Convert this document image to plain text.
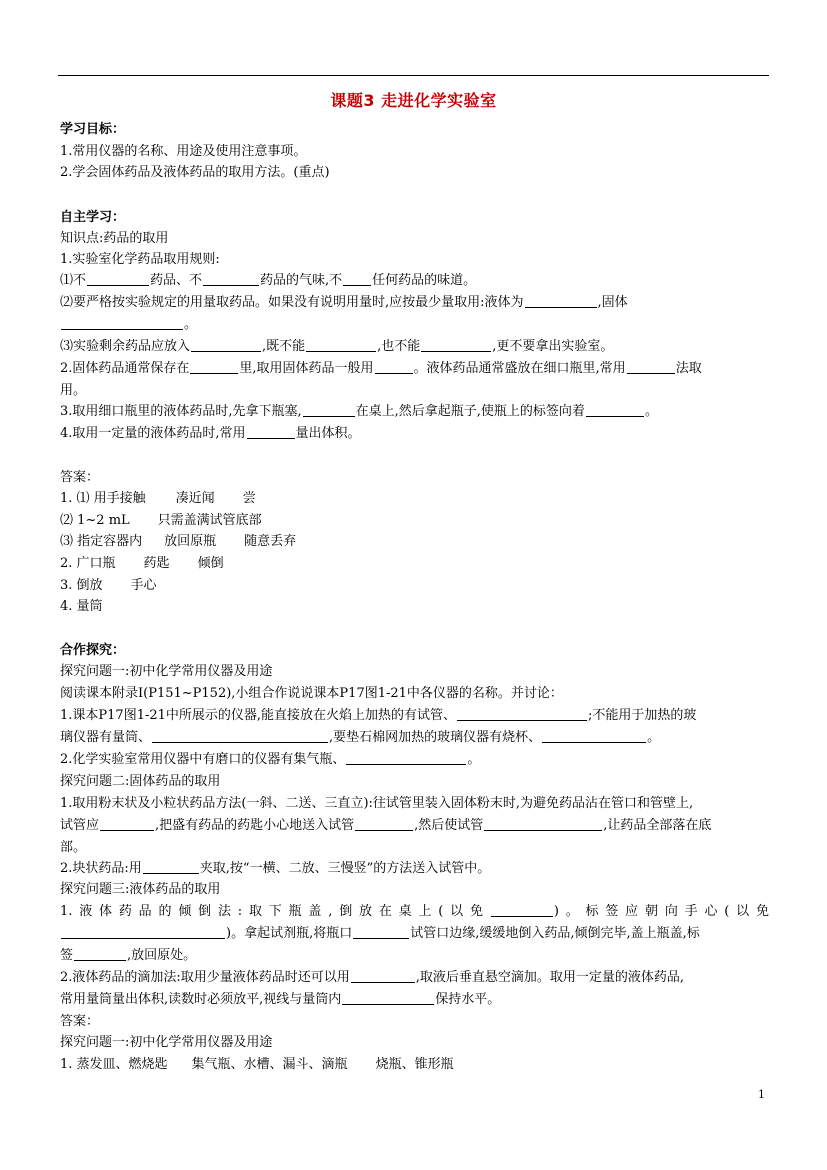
课题3 走进化学实验室
学习目标：
1.常用仪器的名称、用途及使用注意事项。
2.学会固体药品及液体药品的取用方法。(重点)
自主学习：
知识点:药品的取用
1.实验室化学药品取用规则:
⑴不	药品、不	药品的气味,不 任何药品的味道。
⑵要严格按实验规定的用量取药品。如果没有说明用量时,应按最少量取用:液体为	,固体
。
⑶实验剩余药品应放入	,既不能	,也不能	,更不要拿出实验室。
2.固体药品通常保存在	里,取用固体药品一般用	。液体药品通常盛放在细口瓶里,常用	法取
用。
3.取用细口瓶里的液体药品时,先拿下瓶塞,	在桌上,然后拿起瓶子,使瓶上的标签向着	。
4.取用一定量的液体药品时,常用	量出体积。
答案：
1. ⑴ 用手接触 凑近闻 尝
⑵ 1~2 mL 只需盖满试管底部
⑶ 指定容器内 放回原瓶 随意丢弃
2. 广口瓶 药匙 倾倒
3. 倒放 手心
4. 量筒
合作探究：
探究问题一:初中化学常用仪器及用途
阅读课本附录Ⅰ(P151~P152),小组合作说说课本P17图1-21中各仪器的名称。并讨论：
1.课本P17图1-21中所展示的仪器,能直接放在火焰上加热的有试管、	;不能用于加热的玻
璃仪器有量筒、	,要垫石棉网加热的玻璃仪器有烧杯、	。
2.化学实验室常用仪器中有磨口的仪器有集气瓶、	。
探究问题二:固体药品的取用
1.取用粉末状及小粒状药品方法(一斜、二送、三直立):往试管里装入固体粉末时,为避免药品沾在管口和管壁上,
试管应	,把盛有药品的药匙小心地送入试管	,然后使试管	,让药品全部落在底
部。
2.块状药品:用	夹取,按“一横、二放、三慢竖”的方法送入试管中。
探究问题三:液体药品的取用
1.液体药品的倾倒法:取下瓶盖,倒放在桌上(以免	)。标签应朝向手心(以免
)。拿起试剂瓶,将瓶口	试管口边缘,缓缓地倒入药品,倾倒完毕,盖上瓶盖,标
签	,放回原处。
2.液体药品的滴加法:取用少量液体药品时还可以用	,取液后垂直悬空滴加。取用一定量的液体药品,
常用量筒量出体积,读数时必须放平,视线与量筒内	保持水平。
答案：
探究问题一:初中化学常用仪器及用途
1. 蒸发皿、燃烧匙 集气瓶、水槽、漏斗、滴瓶 烧瓶、锥形瓶
1
